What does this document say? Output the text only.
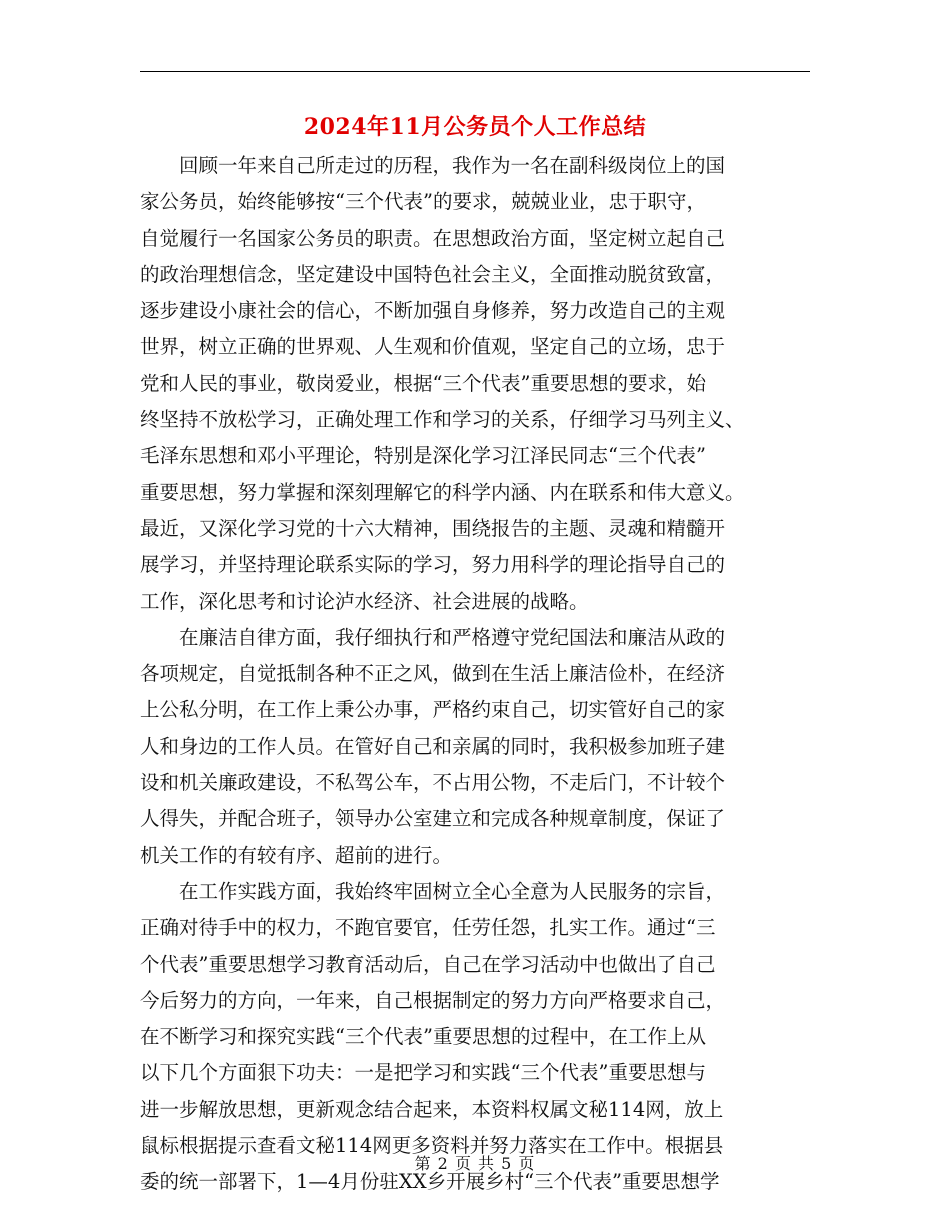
2024年11月公务员个人工作总结
回顾一年来自己所走过的历程，我作为一名在副科级岗位上的国
家公务员，始终能够按“三个代表”的要求，兢兢业业，忠于职守，
自觉履行一名国家公务员的职责。在思想政治方面，坚定树立起自己
的政治理想信念，坚定建设中国特色社会主义，全面推动脱贫致富，
逐步建设小康社会的信心，不断加强自身修养，努力改造自己的主观
世界，树立正确的世界观、人生观和价值观，坚定自己的立场，忠于
党和人民的事业，敬岗爱业，根据“三个代表”重要思想的要求，始
终坚持不放松学习，正确处理工作和学习的关系，仔细学习马列主义、
毛泽东思想和邓小平理论，特别是深化学习江泽民同志“三个代表”
重要思想，努力掌握和深刻理解它的科学内涵、内在联系和伟大意义。
最近，又深化学习党的十六大精神，围绕报告的主题、灵魂和精髓开
展学习，并坚持理论联系实际的学习，努力用科学的理论指导自己的
工作，深化思考和讨论泸水经济、社会进展的战略。
在廉洁自律方面，我仔细执行和严格遵守党纪国法和廉洁从政的
各项规定，自觉抵制各种不正之风，做到在生活上廉洁俭朴，在经济
上公私分明，在工作上秉公办事，严格约束自己，切实管好自己的家
人和身边的工作人员。在管好自己和亲属的同时，我积极参加班子建
设和机关廉政建设，不私驾公车，不占用公物，不走后门，不计较个
人得失，并配合班子，领导办公室建立和完成各种规章制度，保证了
机关工作的有较有序、超前的进行。
在工作实践方面，我始终牢固树立全心全意为人民服务的宗旨，
正确对待手中的权力，不跑官要官，任劳任怨，扎实工作。通过“三
个代表”重要思想学习教育活动后，自己在学习活动中也做出了自己
今后努力的方向，一年来，自己根据制定的努力方向严格要求自己，
在不断学习和探究实践“三个代表”重要思想的过程中，在工作上从
以下几个方面狠下功夫：一是把学习和实践“三个代表”重要思想与
进一步解放思想，更新观念结合起来，本资料权属文秘114网，放上
鼠标根据提示查看文秘114网更多资料并努力落实在工作中。根据县
委的统一部署下，1—4月份驻XX乡开展乡村“三个代表”重要思想学
第 2 页 共 5 页
